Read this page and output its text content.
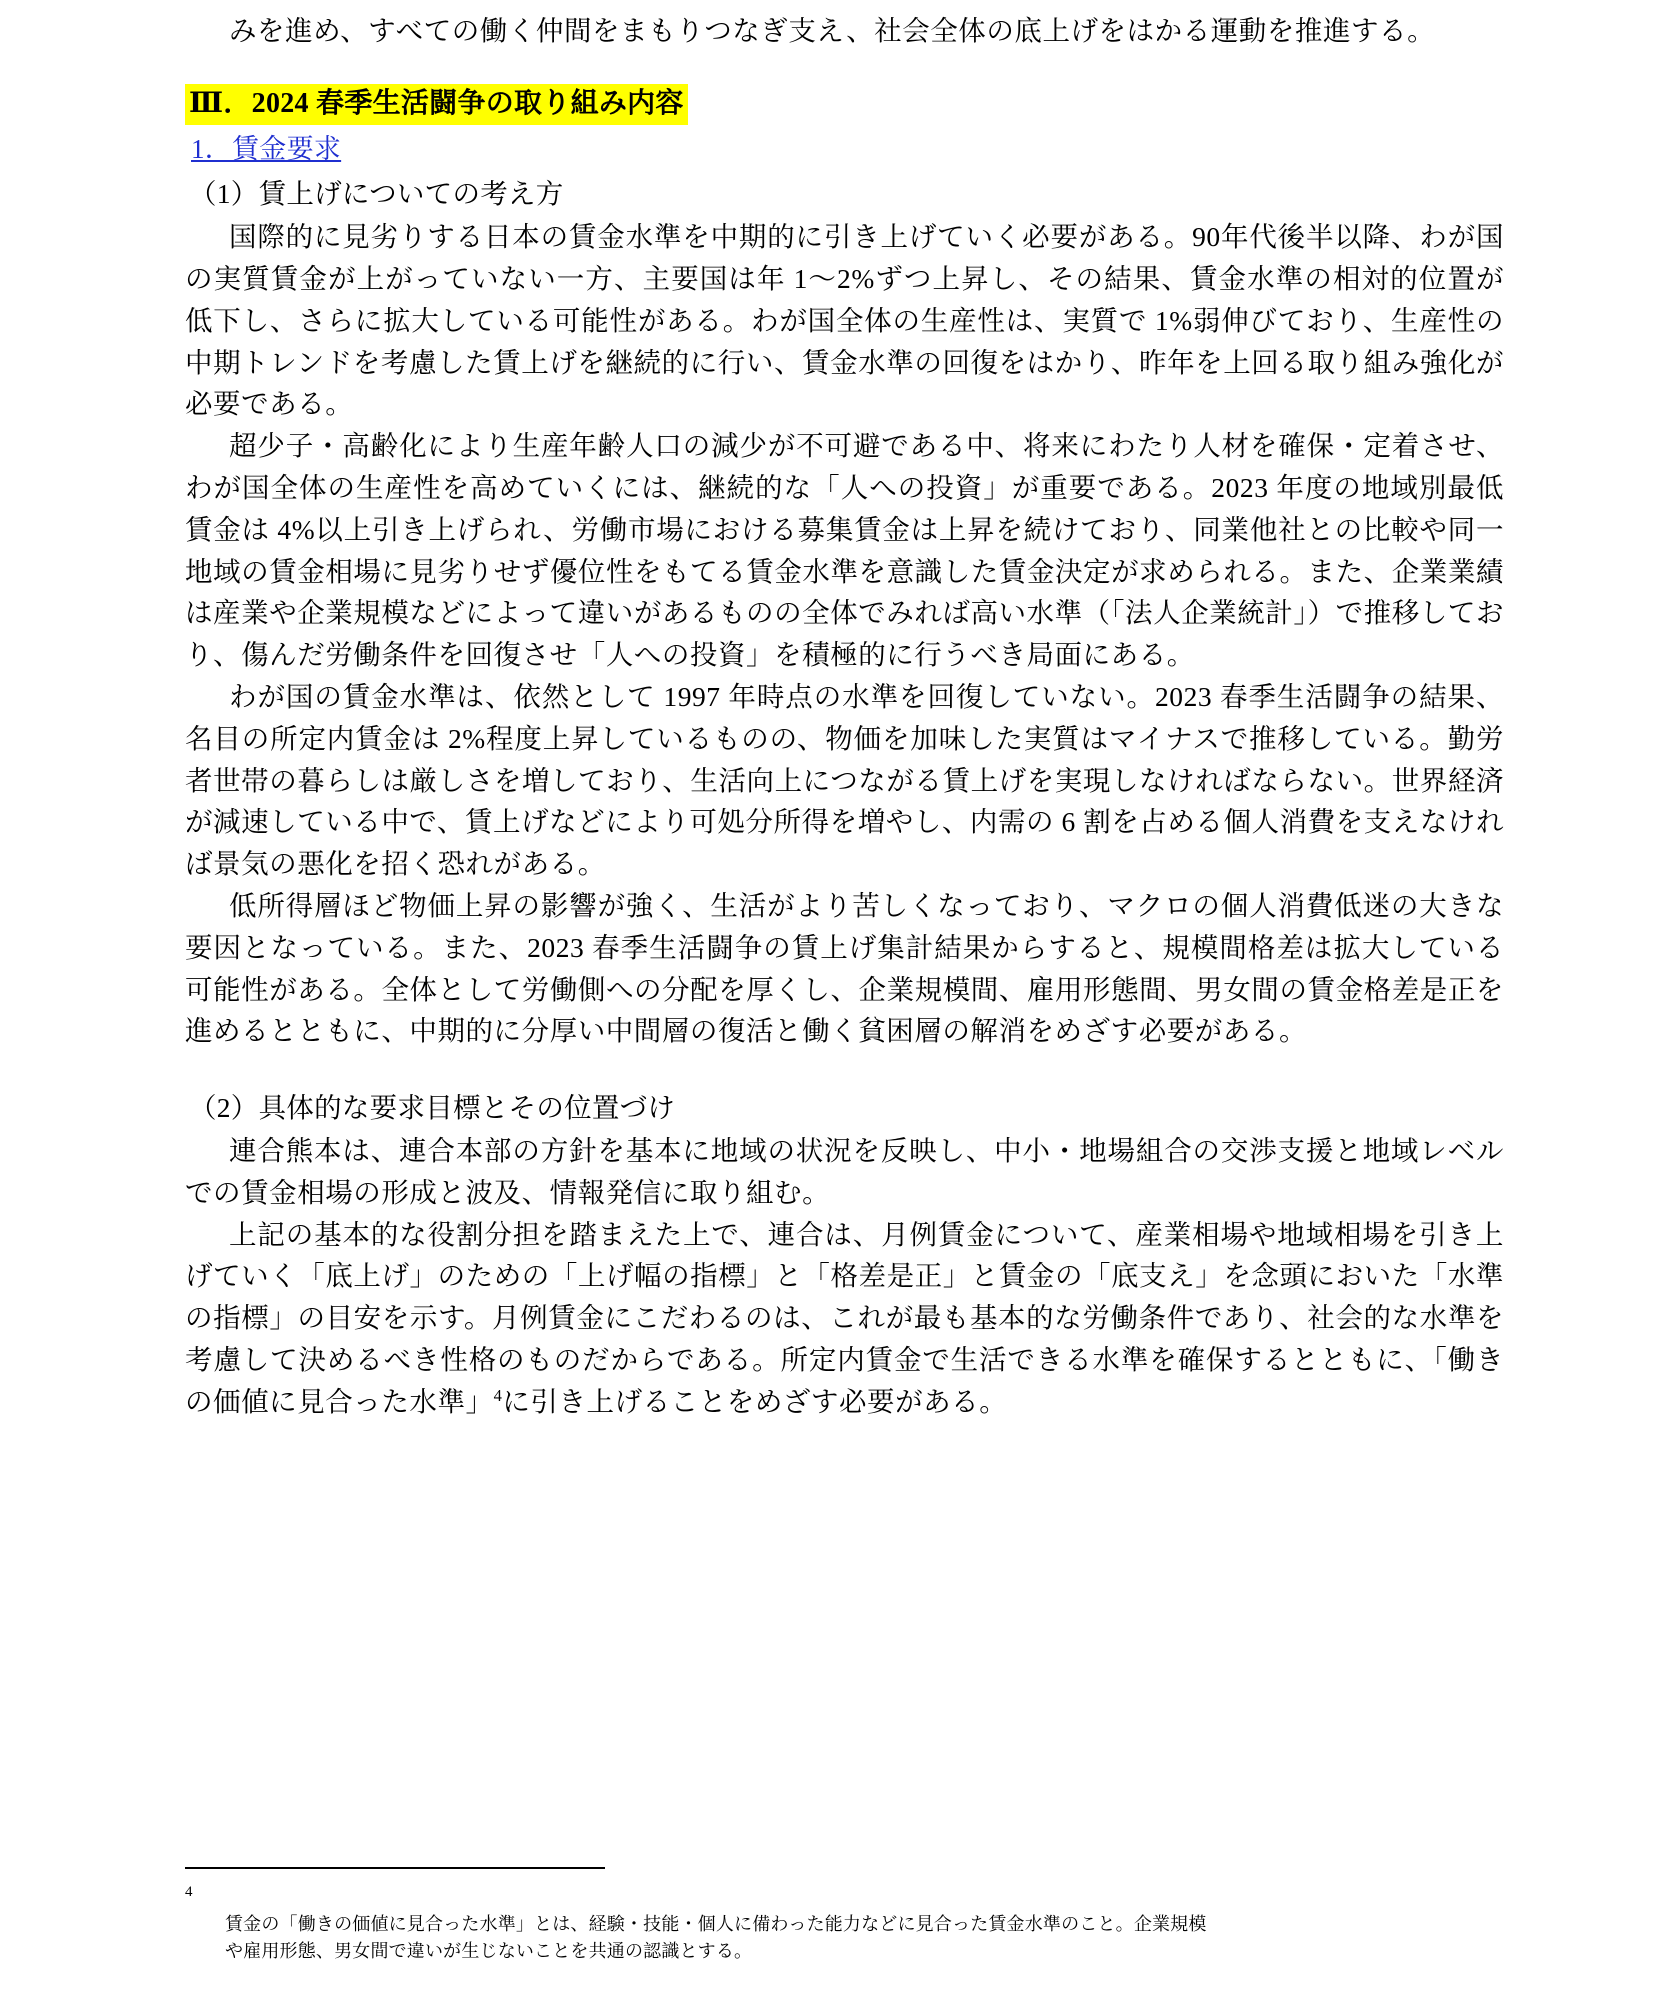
みを進め、すべての働く仲間をまもりつなぎ支え、社会全体の底上げをはかる運動を推進する。

Ⅲ．2024 春季生活闘争の取り組み内容
1．賃金要求
（1）賃上げについての考え方

国際的に見劣りする日本の賃金水準を中期的に引き上げていく必要がある。90年代後半以降、わが国の実質賃金が上がっていない一方、主要国は年 1～2%ずつ上昇し、その結果、賃金水準の相対的位置が低下し、さらに拡大している可能性がある。わが国全体の生産性は、実質で 1%弱伸びており、生産性の中期トレンドを考慮した賃上げを継続的に行い、賃金水準の回復をはかり、昨年を上回る取り組み強化が必要である。

超少子・高齢化により生産年齢人口の減少が不可避である中、将来にわたり人材を確保・定着させ、わが国全体の生産性を高めていくには、継続的な「人への投資」が重要である。2023 年度の地域別最低賃金は 4%以上引き上げられ、労働市場における募集賃金は上昇を続けており、同業他社との比較や同一地域の賃金相場に見劣りせず優位性をもてる賃金水準を意識した賃金決定が求められる。また、企業業績は産業や企業規模などによって違いがあるものの全体でみれば高い水準（「法人企業統計」）で推移しており、傷んだ労働条件を回復させ「人への投資」を積極的に行うべき局面にある。

わが国の賃金水準は、依然として 1997 年時点の水準を回復していない。2023 春季生活闘争の結果、名目の所定内賃金は 2%程度上昇しているものの、物価を加味した実質はマイナスで推移している。勤労者世帯の暮らしは厳しさを増しており、生活向上につながる賃上げを実現しなければならない。世界経済が減速している中で、賃上げなどにより可処分所得を増やし、内需の 6 割を占める個人消費を支えなければ景気の悪化を招く恐れがある。

低所得層ほど物価上昇の影響が強く、生活がより苦しくなっており、マクロの個人消費低迷の大きな要因となっている。また、2023 春季生活闘争の賃上げ集計結果からすると、規模間格差は拡大している可能性がある。全体として労働側への分配を厚くし、企業規模間、雇用形態間、男女間の賃金格差是正を進めるとともに、中期的に分厚い中間層の復活と働く貧困層の解消をめざす必要がある。

（2）具体的な要求目標とその位置づけ

連合熊本は、連合本部の方針を基本に地域の状況を反映し、中小・地場組合の交渉支援と地域レベルでの賃金相場の形成と波及、情報発信に取り組む。

上記の基本的な役割分担を踏まえた上で、連合は、月例賃金について、産業相場や地域相場を引き上げていく「底上げ」のための「上げ幅の指標」と「格差是正」と賃金の「底支え」を念頭においた「水準の指標」の目安を示す。月例賃金にこだわるのは、これが最も基本的な労働条件であり、社会的な水準を考慮して決めるべき性格のものだからである。所定内賃金で生活できる水準を確保するとともに、「働きの価値に見合った水準」$^4$に引き上げることをめざす必要がある。

$^4$
賃金の「働きの価値に見合った水準」とは、経験・技能・個人に備わった能力などに見合った賃金水準のこと。企業規模
や雇用形態、男女間で違いが生じないことを共通の認識とする。
